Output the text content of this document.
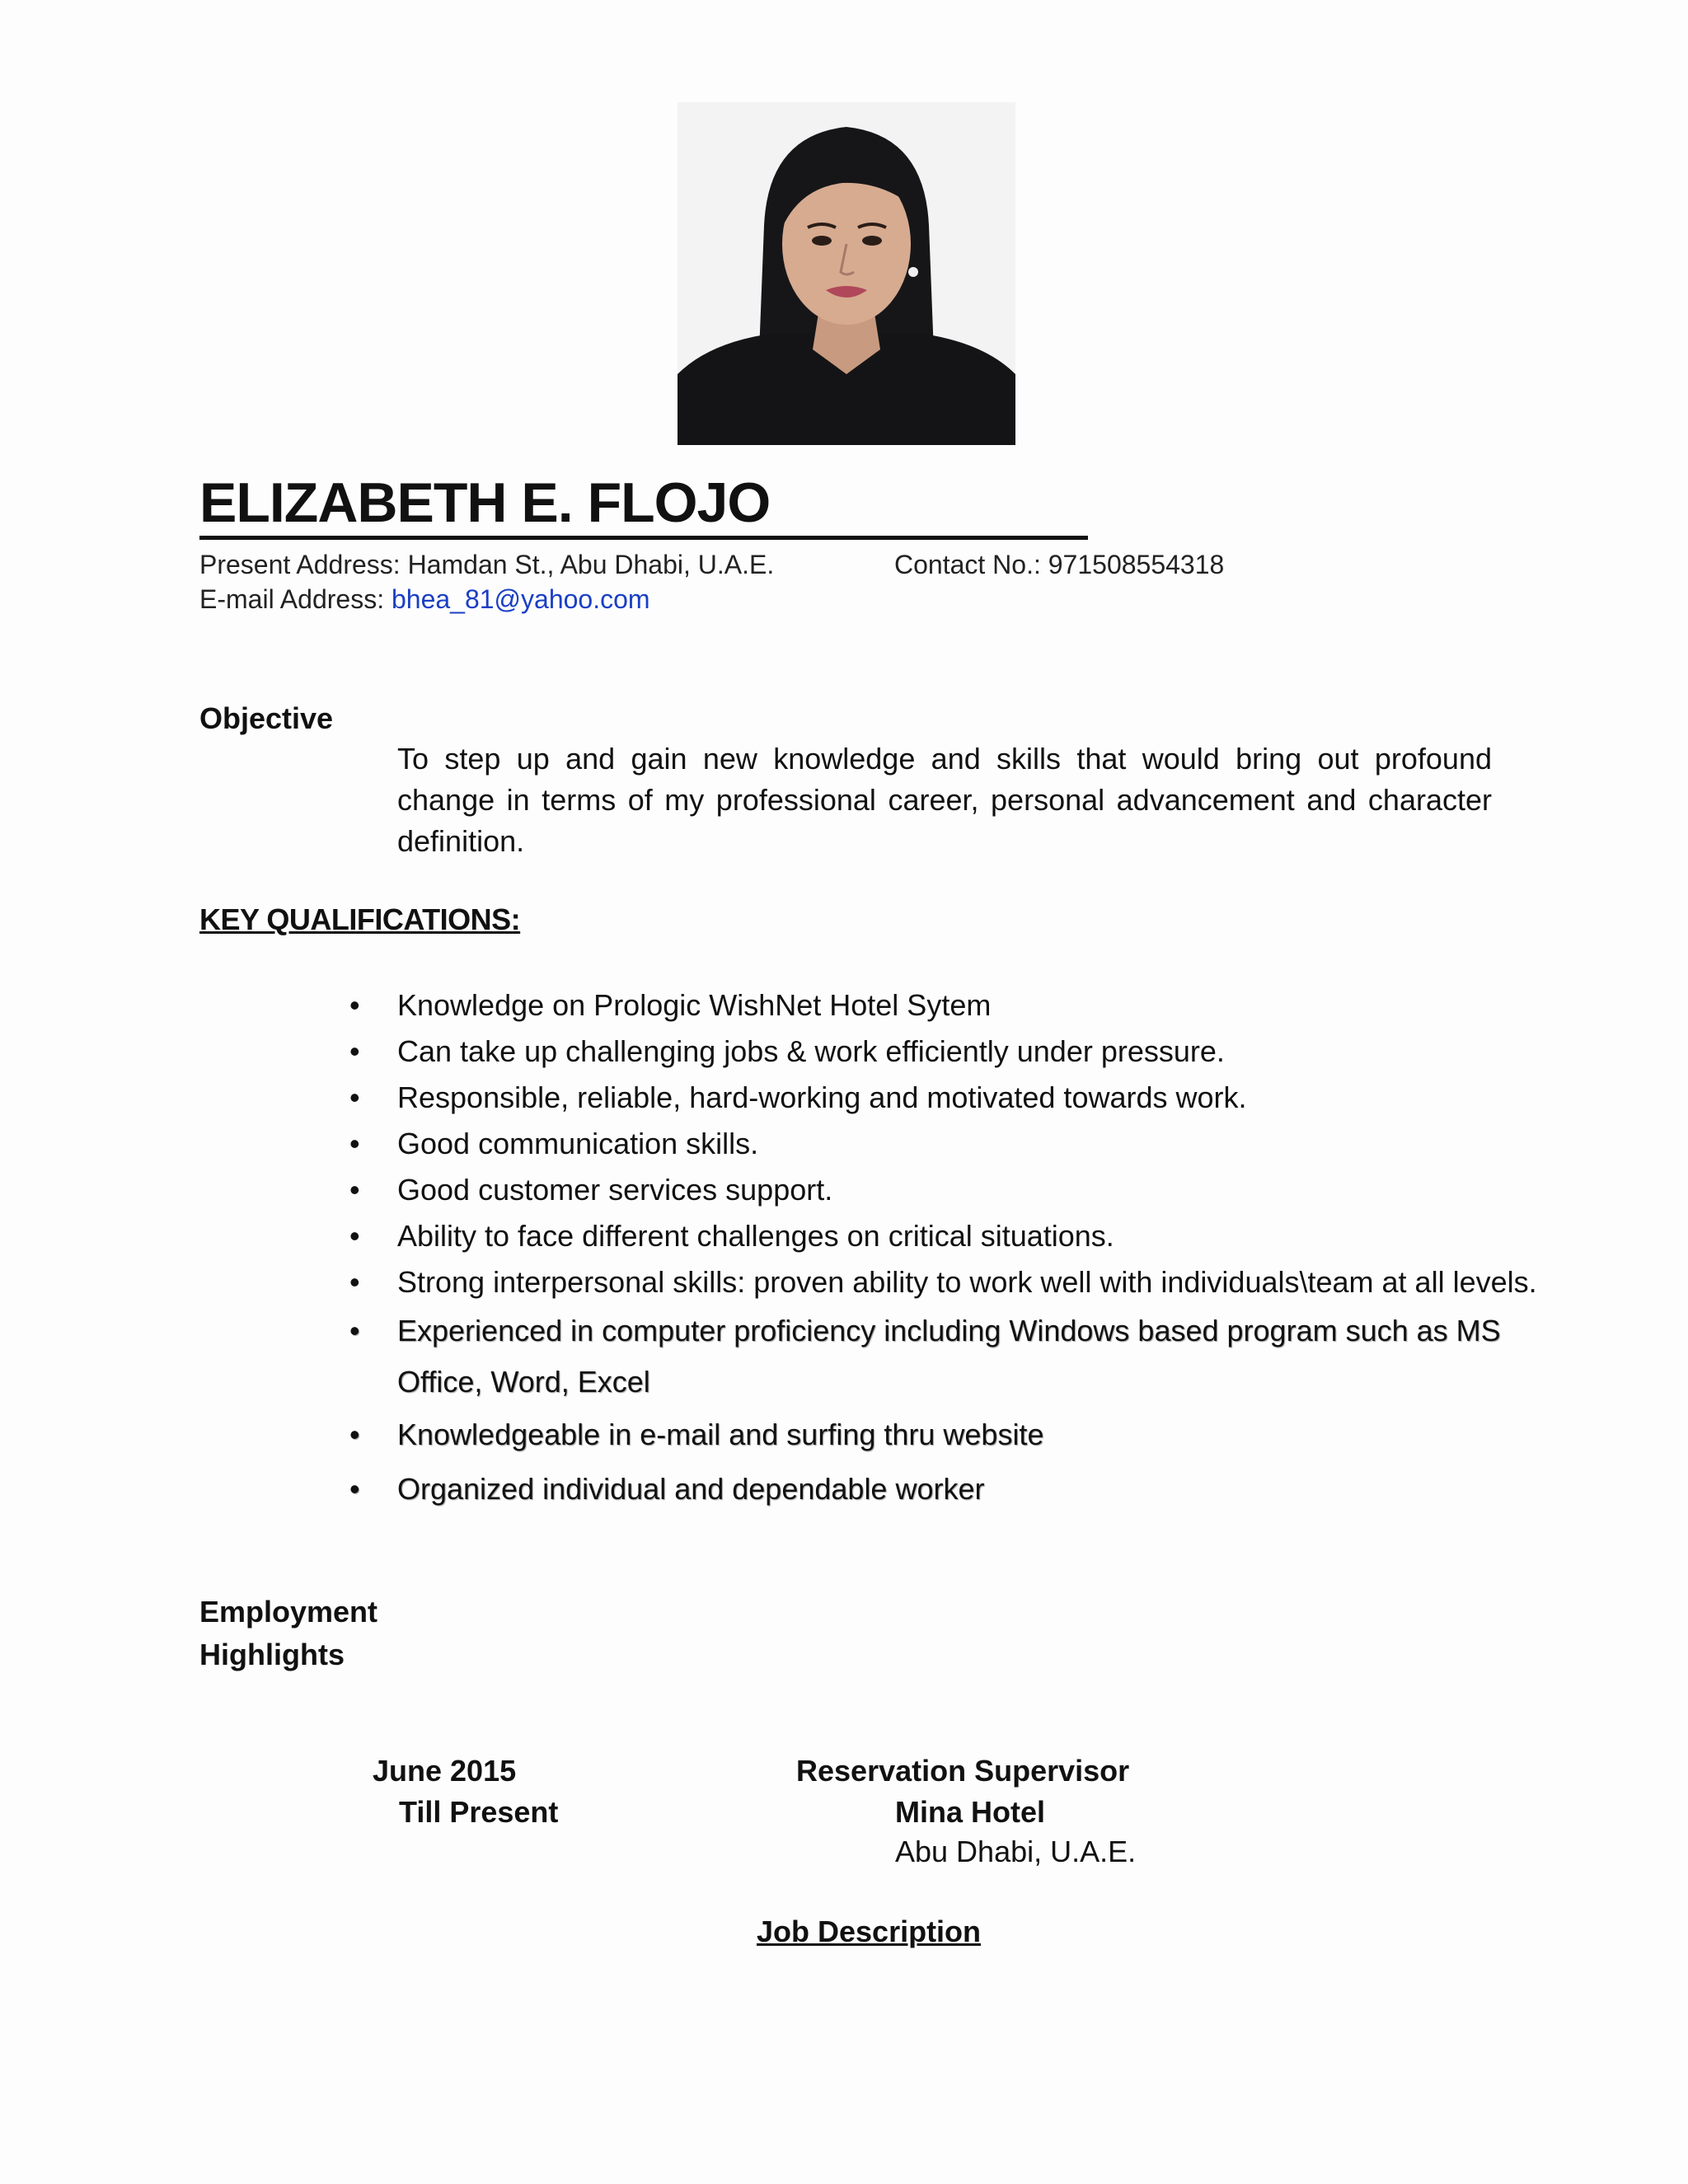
ELIZABETH E. FLOJO
Present Address: Hamdan St., Abu Dhabi, U.A.E.	Contact No.: 971508554318
E-mail Address: bhea_81@yahoo.com
Objective
To step up and gain new knowledge and skills that would bring out profound change in terms of my professional career, personal advancement and character definition.
KEY QUALIFICATIONS:
•	Knowledge on Prologic WishNet Hotel Sytem
•	Can take up challenging jobs & work efficiently under pressure.
•	Responsible, reliable, hard-working and motivated towards work.
•	Good communication skills.
•	Good customer services support.
•	Ability to face different challenges on critical situations.
•	Strong interpersonal skills: proven ability to work well with individuals\team at all levels.
•	Experienced in computer proficiency including Windows based program such as MS Office, Word, Excel
•	Knowledgeable in e-mail and surfing thru website
•	Organized individual and dependable worker
Employment
Highlights
June 2015
Till Present
Reservation Supervisor
Mina Hotel
Abu Dhabi, U.A.E.
Job Description
